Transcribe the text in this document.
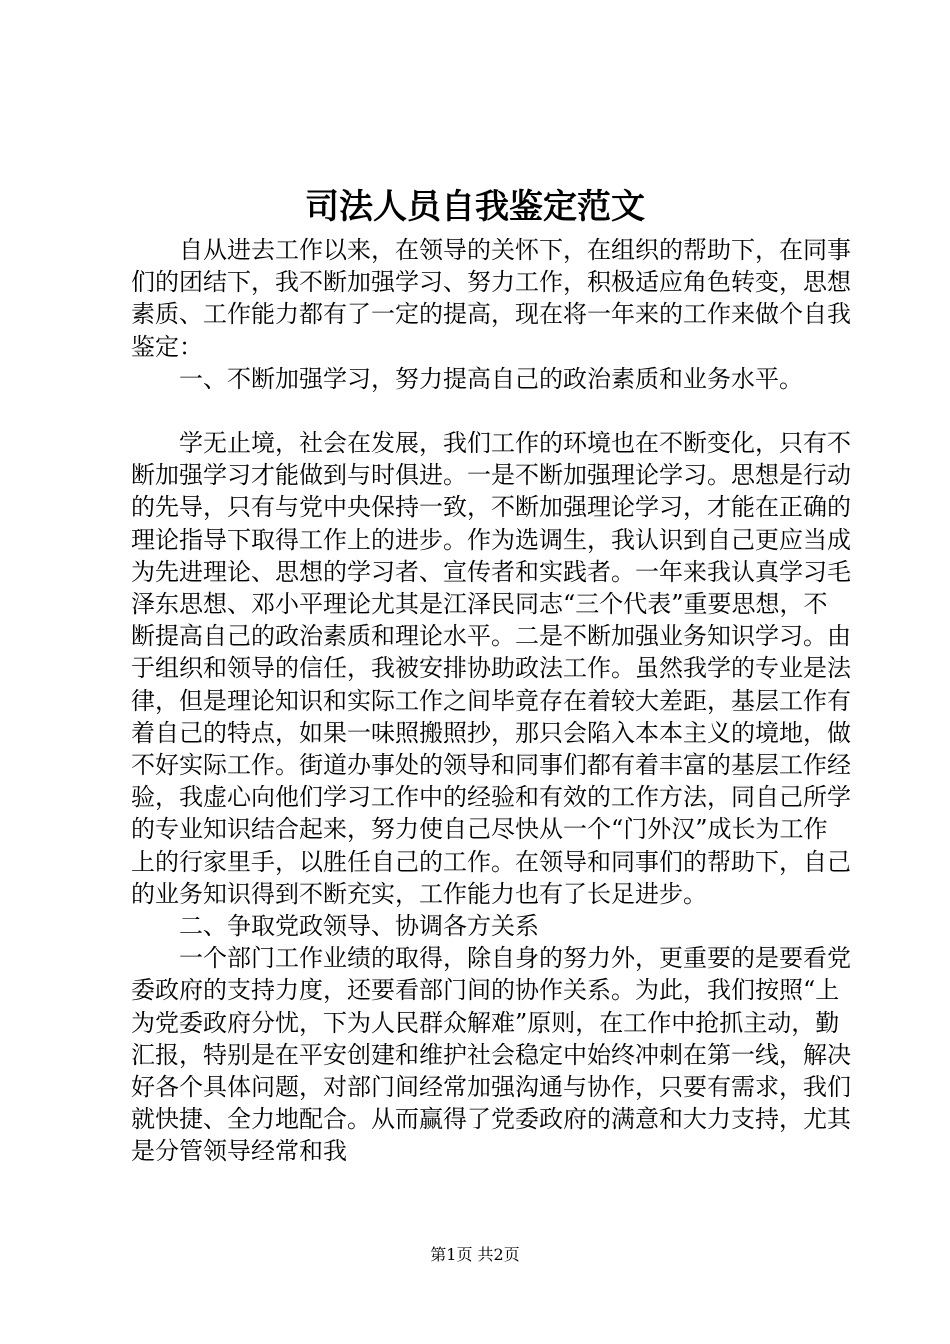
司法人员自我鉴定范文

自从进去工作以来，在领导的关怀下，在组织的帮助下，在同事们的团结下，我不断加强学习、努力工作，积极适应角色转变，思想素质、工作能力都有了一定的提高，现在将一年来的工作来做个自我鉴定：

一、不断加强学习，努力提高自己的政治素质和业务水平。

学无止境，社会在发展，我们工作的环境也在不断变化，只有不断加强学习才能做到与时俱进。一是不断加强理论学习。思想是行动的先导，只有与党中央保持一致，不断加强理论学习，才能在正确的理论指导下取得工作上的进步。作为选调生，我认识到自己更应当成为先进理论、思想的学习者、宣传者和实践者。一年来我认真学习毛泽东思想、邓小平理论尤其是江泽民同志“三个代表”重要思想，不断提高自己的政治素质和理论水平。二是不断加强业务知识学习。由于组织和领导的信任，我被安排协助政法工作。虽然我学的专业是法律，但是理论知识和实际工作之间毕竟存在着较大差距，基层工作有着自己的特点，如果一味照搬照抄，那只会陷入本本主义的境地，做不好实际工作。街道办事处的领导和同事们都有着丰富的基层工作经验，我虚心向他们学习工作中的经验和有效的工作方法，同自己所学的专业知识结合起来，努力使自己尽快从一个“门外汉”成长为工作上的行家里手，以胜任自己的工作。在领导和同事们的帮助下，自己的业务知识得到不断充实，工作能力也有了长足进步。

二、争取党政领导、协调各方关系

一个部门工作业绩的取得，除自身的努力外，更重要的是要看党委政府的支持力度，还要看部门间的协作关系。为此，我们按照“上为党委政府分忧，下为人民群众解难”原则，在工作中抢抓主动，勤汇报，特别是在平安创建和维护社会稳定中始终冲刺在第一线，解决好各个具体问题，对部门间经常加强沟通与协作，只要有需求，我们就快捷、全力地配合。从而赢得了党委政府的满意和大力支持，尤其是分管领导经常和我

第1页 共2页
